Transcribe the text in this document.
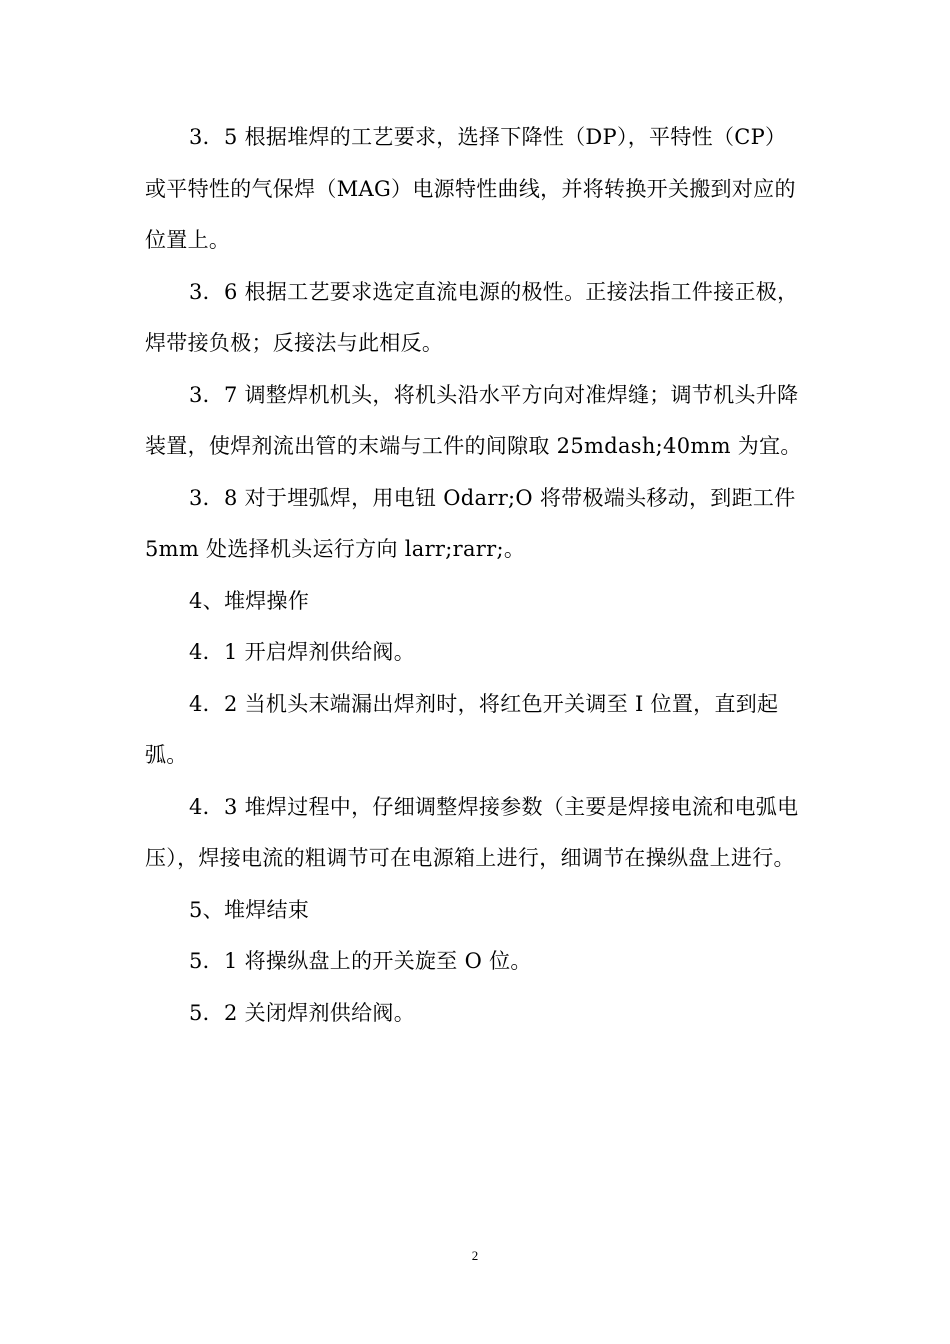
3．5 根据堆焊的工艺要求，选择下降性（DP），平特性（CP）或平特性的气保焊（MAG）电源特性曲线，并将转换开关搬到对应的位置上。

3．6 根据工艺要求选定直流电源的极性。正接法指工件接正极，焊带接负极；反接法与此相反。

3．7 调整焊机机头，将机头沿水平方向对准焊缝；调节机头升降装置，使焊剂流出管的末端与工件的间隙取 25mdash;40mm 为宜。

3．8 对于埋弧焊，用电钮 Odarr;O 将带极端头移动，到距工件 5mm 处选择机头运行方向 larr;rarr;。

4、堆焊操作

4．1 开启焊剂供给阀。

4．2 当机头末端漏出焊剂时，将红色开关调至 I 位置，直到起弧。

4．3 堆焊过程中，仔细调整焊接参数（主要是焊接电流和电弧电压），焊接电流的粗调节可在电源箱上进行，细调节在操纵盘上进行。

5、堆焊结束

5．1 将操纵盘上的开关旋至 O 位。

5．2 关闭焊剂供给阀。

2
